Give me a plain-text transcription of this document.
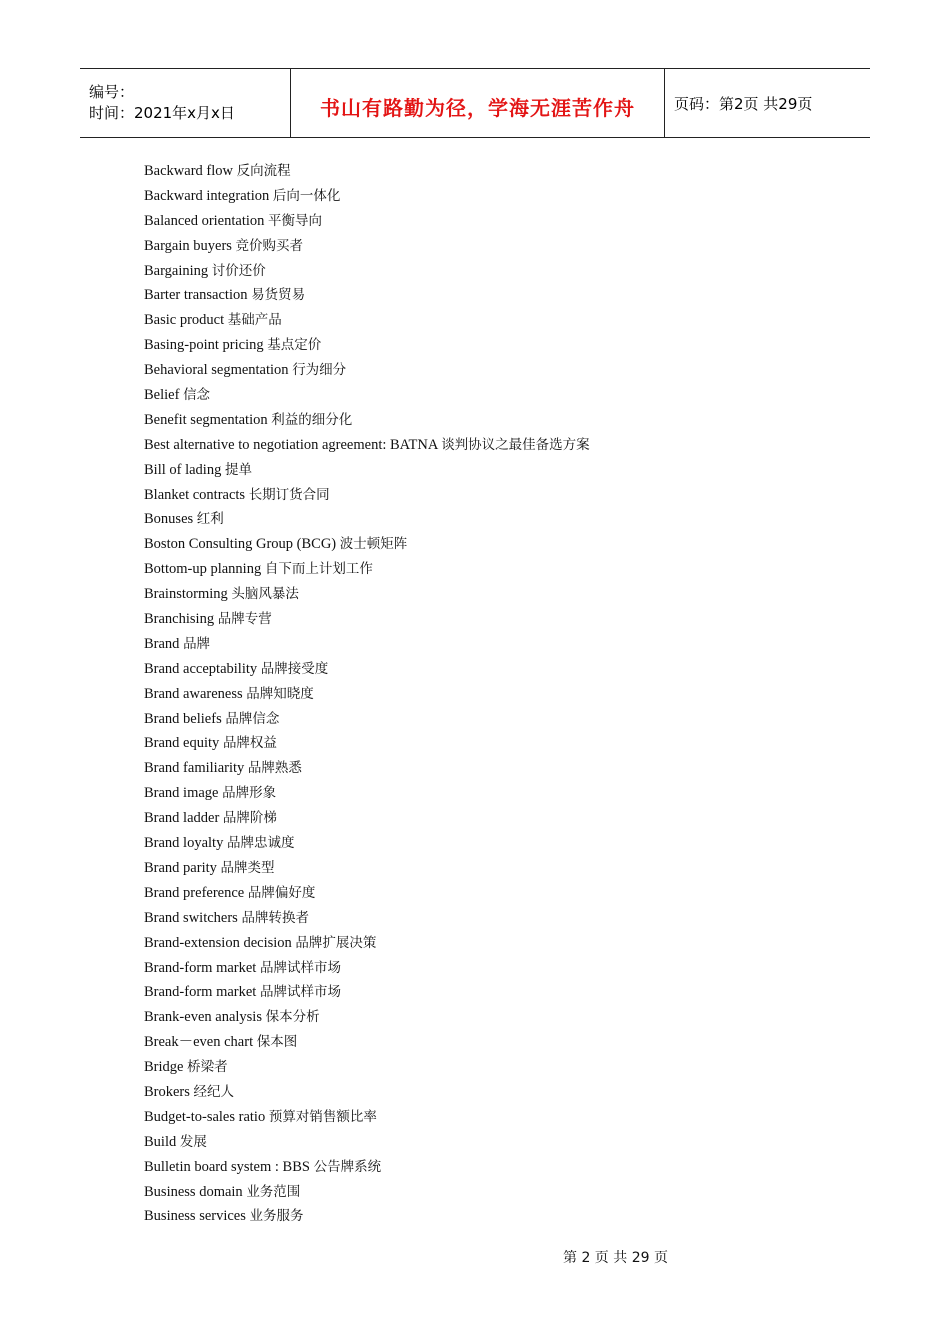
编号：
时间：2021年x月x日	书山有路勤为径，学海无涯苦作舟	页码：第2页 共29页
Backward flow 反向流程
Backward integration 后向一体化
Balanced orientation 平衡导向
Bargain buyers 竞价购买者
Bargaining 讨价还价
Barter transaction 易货贸易
Basic product 基础产品
Basing-point pricing 基点定价
Behavioral segmentation 行为细分
Belief 信念
Benefit segmentation 利益的细分化
Best alternative to negotiation agreement: BATNA 谈判协议之最佳备选方案
Bill of lading 提单
Blanket contracts 长期订货合同
Bonuses 红利
Boston Consulting Group (BCG) 波士顿矩阵
Bottom-up planning 自下而上计划工作
Brainstorming 头脑风暴法
Branchising 品牌专营
Brand 品牌
Brand acceptability 品牌接受度
Brand awareness 品牌知晓度
Brand beliefs 品牌信念
Brand equity 品牌权益
Brand familiarity 品牌熟悉
Brand image 品牌形象
Brand ladder 品牌阶梯
Brand loyalty 品牌忠诚度
Brand parity 品牌类型
Brand preference 品牌偏好度
Brand switchers 品牌转换者
Brand-extension decision 品牌扩展决策
Brand-form market 品牌试样市场
Brand-form market 品牌试样市场
Brank-even analysis 保本分析
Break－even chart 保本图
Bridge 桥梁者
Brokers 经纪人
Budget-to-sales ratio 预算对销售额比率
Build 发展
Bulletin board system : BBS 公告牌系统
Business domain 业务范围
Business services 业务服务
第 2 页 共 29 页
